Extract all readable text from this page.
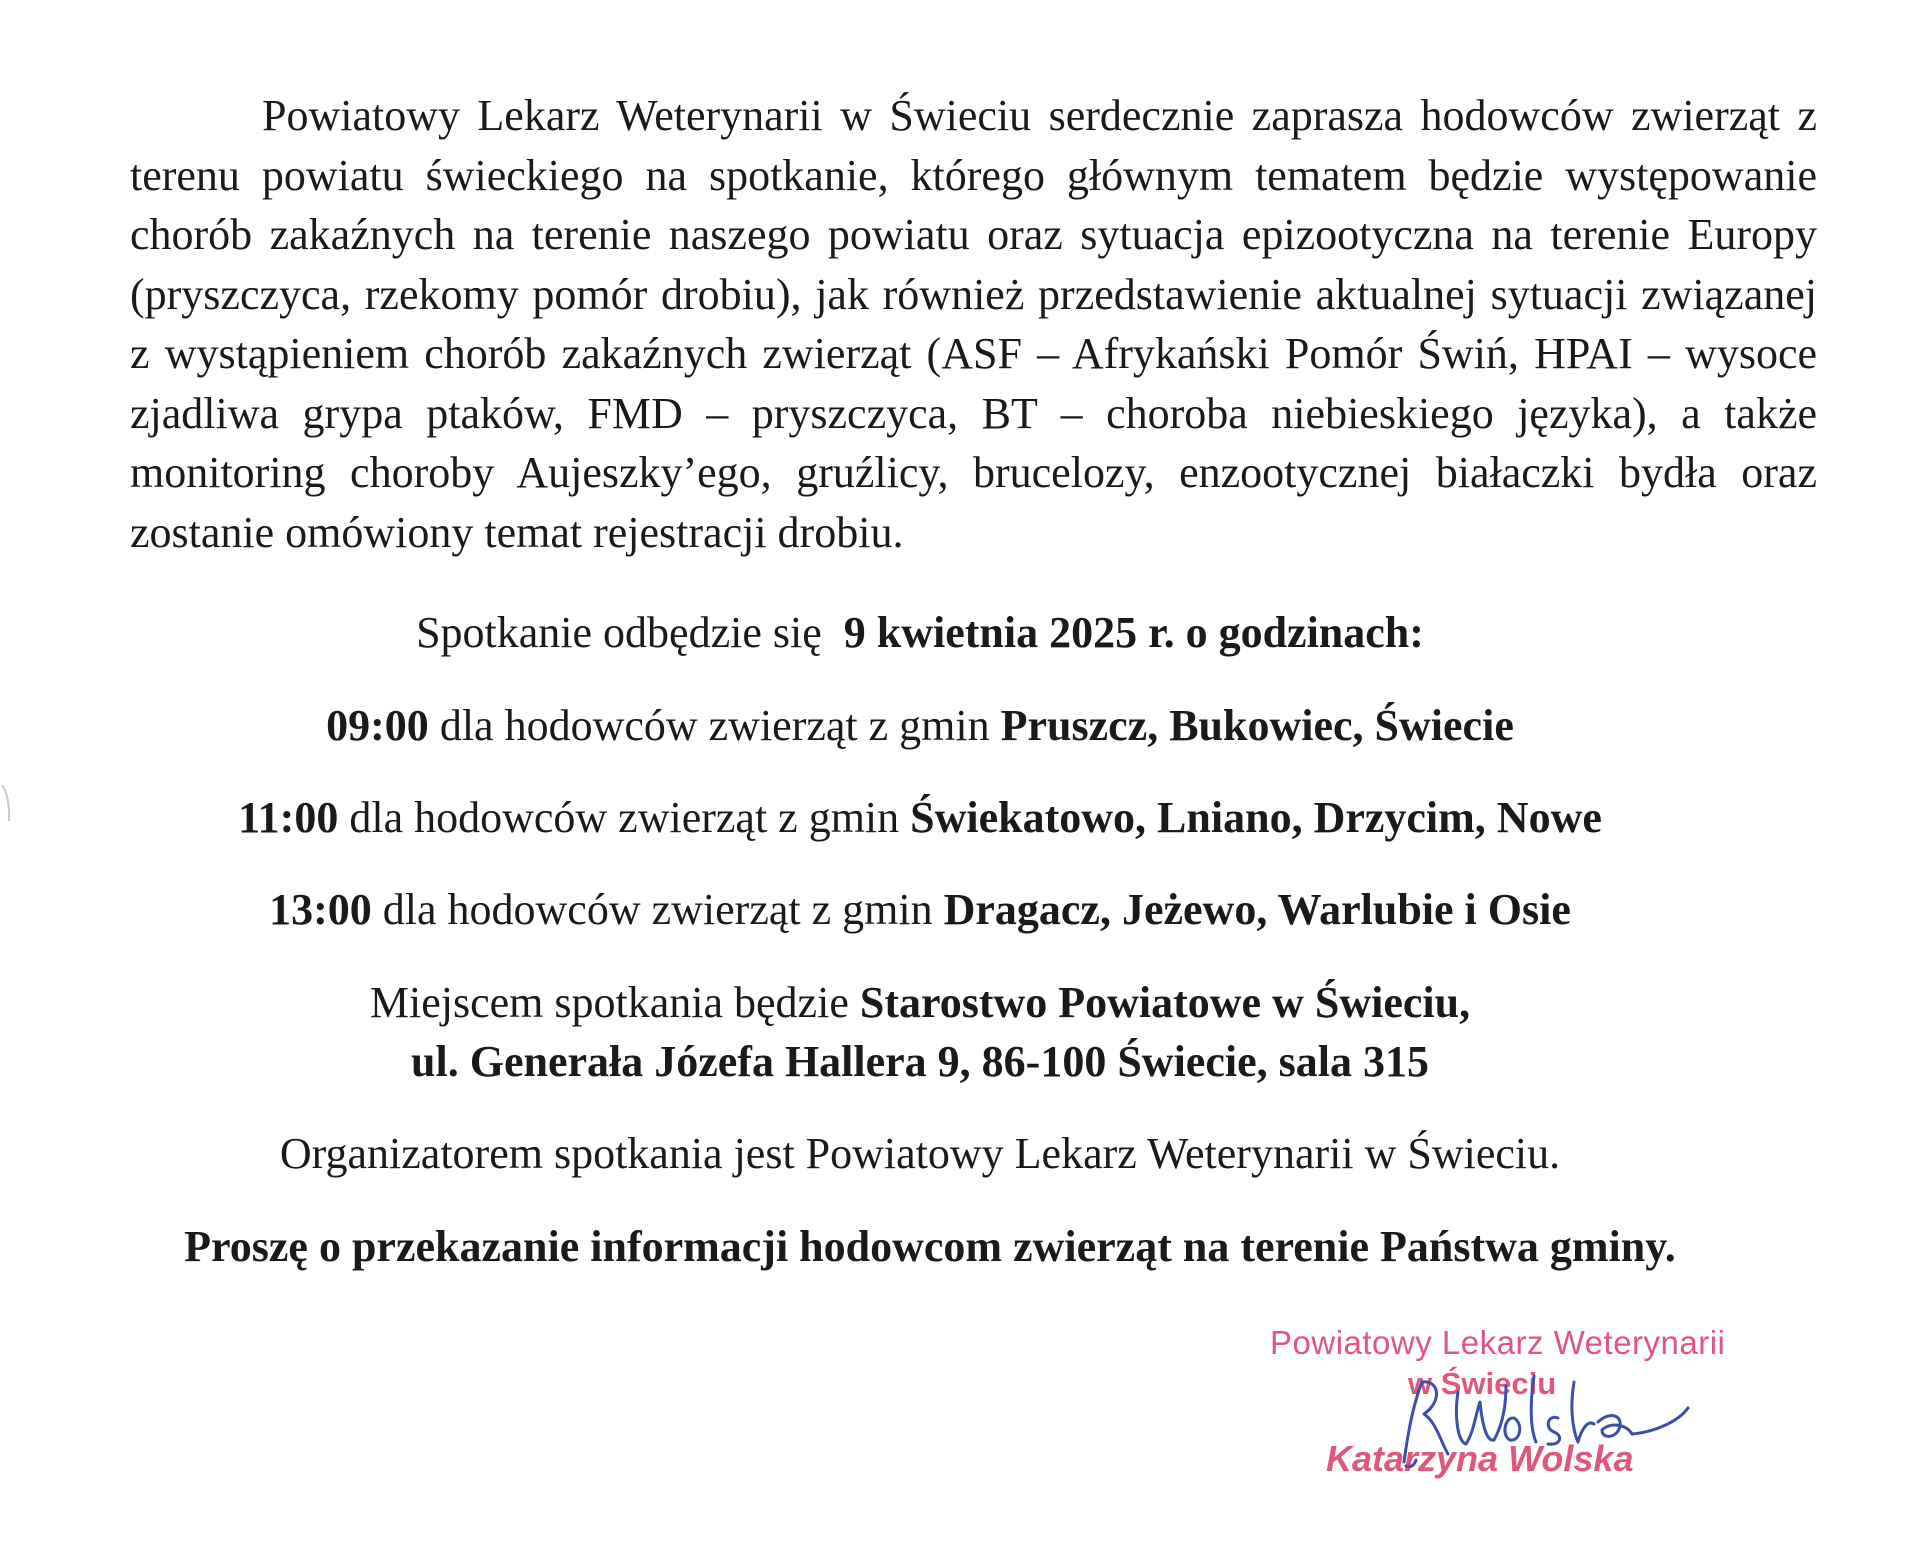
Powiatowy Lekarz Weterynarii w Świeciu serdecznie zaprasza hodowców zwierząt z terenu powiatu świeckiego na spotkanie, którego głównym tematem będzie występowanie chorób zakaźnych na terenie naszego powiatu oraz sytuacja epizootyczna na terenie Europy (pryszczyca, rzekomy pomór drobiu), jak również przedstawienie aktualnej sytuacji związanej z wystąpieniem chorób zakaźnych zwierząt (ASF – Afrykański Pomór Świń, HPAI – wysoce zjadliwa grypa ptaków, FMD – pryszczyca, BT – choroba niebieskiego języka), a także monitoring choroby Aujeszky’ego, gruźlicy, brucelozy, enzootycznej białaczki bydła oraz zostanie omówiony temat rejestracji drobiu.

Spotkanie odbędzie się 9 kwietnia 2025 r. o godzinach:

09:00 dla hodowców zwierząt z gmin Pruszcz, Bukowiec, Świecie

11:00 dla hodowców zwierząt z gmin Świekatowo, Lniano, Drzycim, Nowe

13:00 dla hodowców zwierząt z gmin Dragacz, Jeżewo, Warlubie i Osie

Miejscem spotkania będzie Starostwo Powiatowe w Świeciu,

ul. Generała Józefa Hallera 9, 86-100 Świecie, sala 315

Organizatorem spotkania jest Powiatowy Lekarz Weterynarii w Świeciu.

Proszę o przekazanie informacji hodowcom zwierząt na terenie Państwa gminy.

Powiatowy Lekarz Weterynarii
w Świeciu
Katarzyna Wolska
